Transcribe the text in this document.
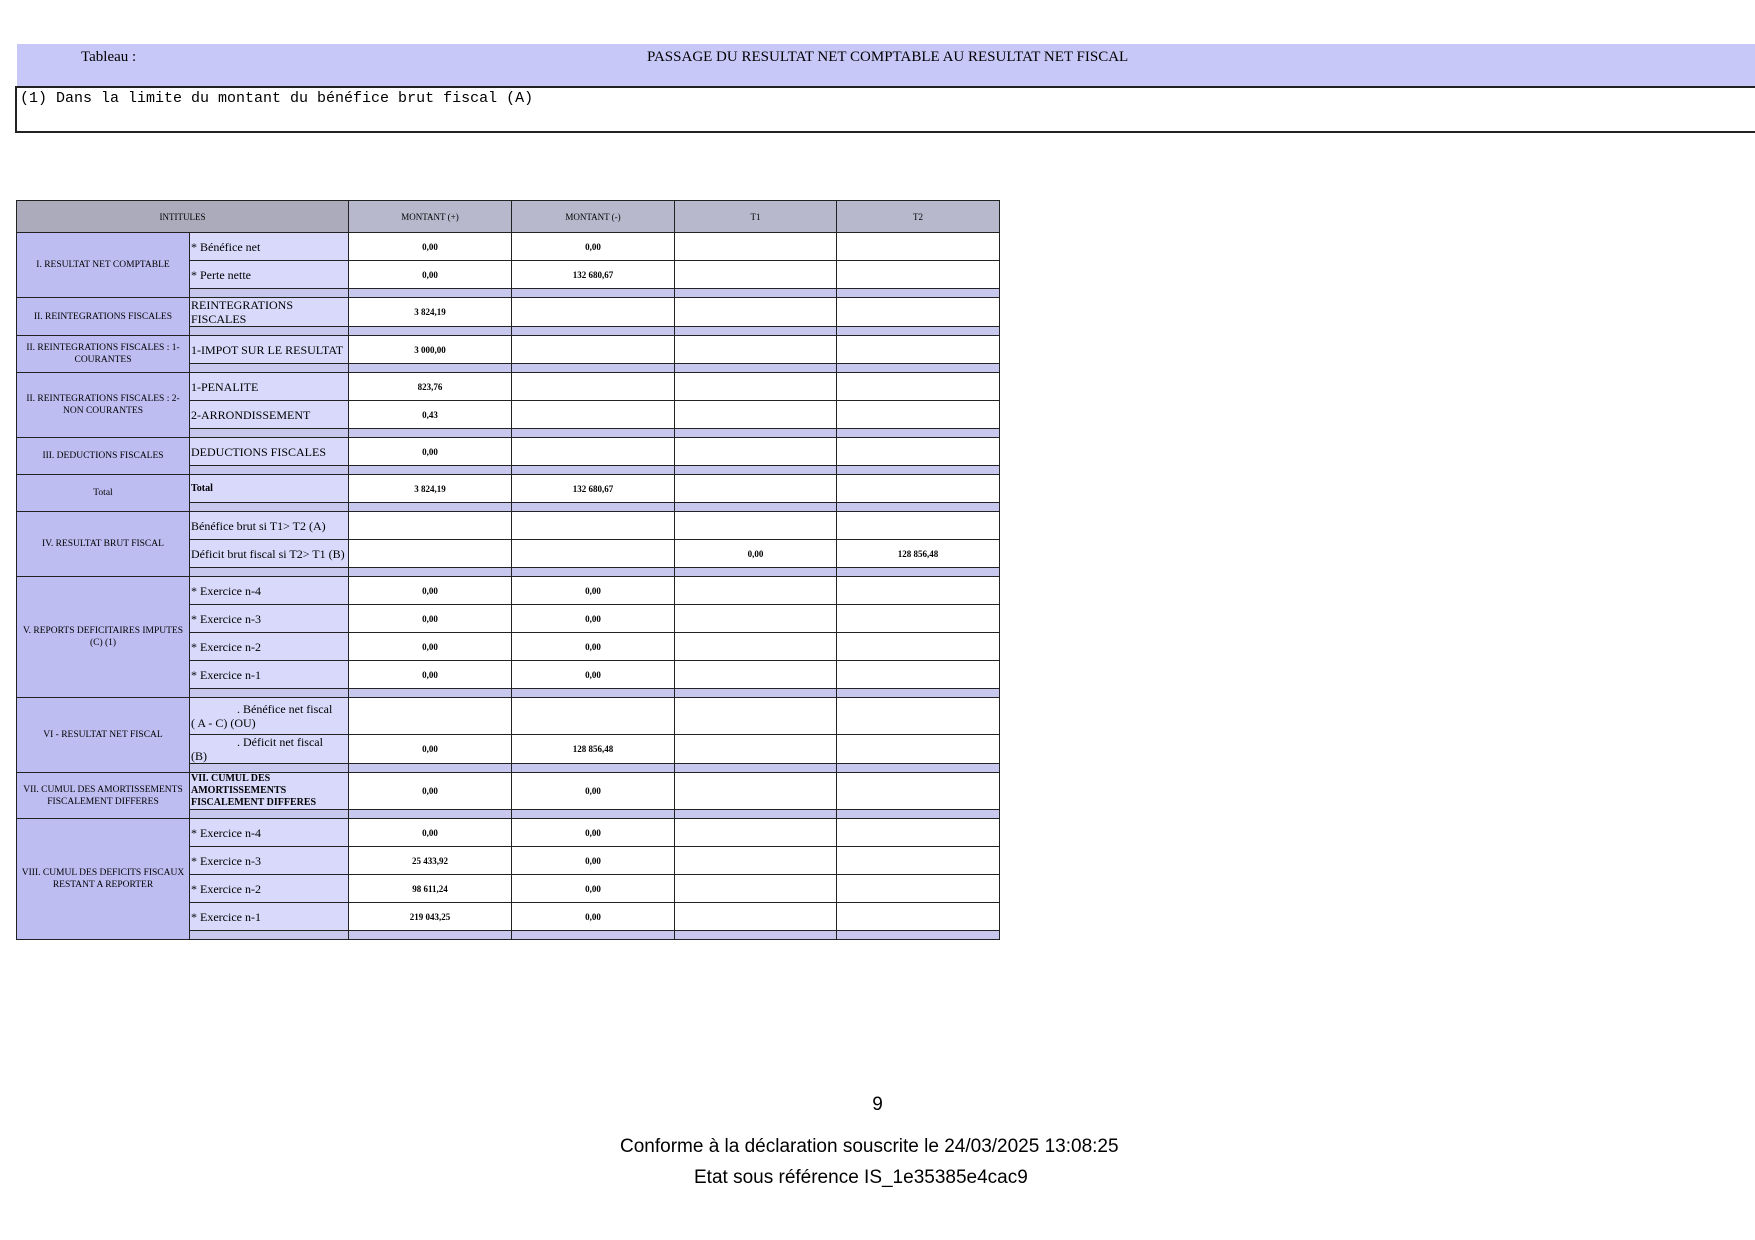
Tableau :	PASSAGE DU RESULTAT NET COMPTABLE AU RESULTAT NET FISCAL
(1) Dans la limite du montant du bénéfice brut fiscal (A)
INTITULES		MONTANT (+)	MONTANT (-)	T1	T2
I. RESULTAT NET COMPTABLE	* Bénéfice net	0,00	0,00		
	* Perte nette	0,00	132 680,67		

II. REINTEGRATIONS FISCALES	REINTEGRATIONS FISCALES	3 824,19			

II. REINTEGRATIONS FISCALES : 1-COURANTES	1-IMPOT SUR LE RESULTAT	3 000,00			

II. REINTEGRATIONS FISCALES : 2-NON COURANTES	1-PENALITE	823,76			
	2-ARRONDISSEMENT	0,43			

III. DEDUCTIONS FISCALES	DEDUCTIONS FISCALES	0,00			

Total	Total	3 824,19	132 680,67		

IV. RESULTAT BRUT FISCAL	Bénéfice brut si T1> T2 (A)				
	Déficit brut fiscal si T2> T1 (B)			0,00	128 856,48

V. REPORTS DEFICITAIRES IMPUTES (C) (1)	* Exercice n-4	0,00	0,00		
	* Exercice n-3	0,00	0,00		
	* Exercice n-2	0,00	0,00		
	* Exercice n-1	0,00	0,00		

VI - RESULTAT NET FISCAL	. Bénéfice net fiscal
( A - C) (OU)				

	. Déficit net fiscal
(B)	0,00	128 856,48		

VII. CUMUL DES AMORTISSEMENTS FISCALEMENT DIFFERES	VII. CUMUL DES AMORTISSEMENTS FISCALEMENT DIFFERES	0,00	0,00		

VIII. CUMUL DES DEFICITS FISCAUX RESTANT A REPORTER	* Exercice n-4	0,00	0,00		
	* Exercice n-3	25 433,92	0,00		
	* Exercice n-2	98 611,24	0,00		
	* Exercice n-1	219 043,25	0,00		

9
Conforme à la déclaration souscrite le 24/03/2025 13:08:25
Etat sous référence IS_1e35385e4cac9
